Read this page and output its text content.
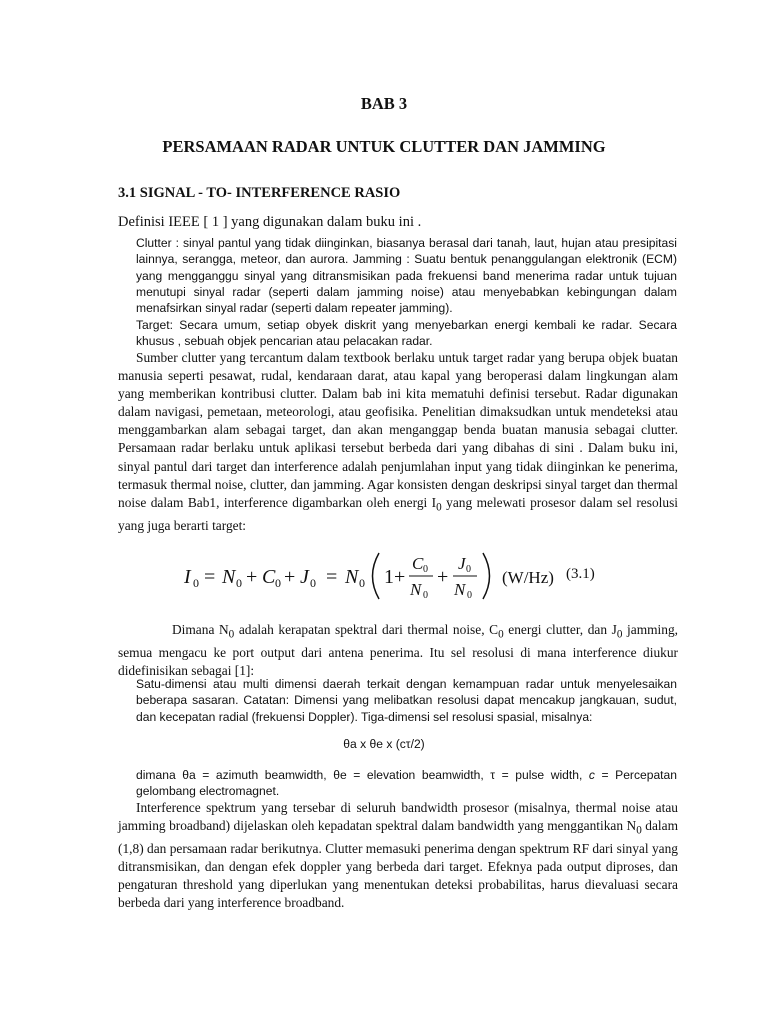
BAB 3
PERSAMAAN RADAR UNTUK CLUTTER DAN JAMMING
3.1 SIGNAL - TO- INTERFERENCE RASIO
Definisi IEEE [ 1 ] yang digunakan dalam buku ini .

Clutter : sinyal pantul yang tidak diinginkan, biasanya berasal dari tanah, laut, hujan atau presipitasi lainnya, serangga, meteor, dan aurora. Jamming : Suatu bentuk penanggulangan elektronik (ECM) yang mengganggu sinyal yang ditransmisikan pada frekuensi band menerima radar untuk tujuan menutupi sinyal radar (seperti dalam jamming noise) atau menyebabkan kebingungan dalam menafsirkan sinyal radar (seperti dalam repeater jamming).

Target: Secara umum, setiap obyek diskrit yang menyebarkan energi kembali ke radar. Secara khusus , sebuah objek pencarian atau pelacakan radar.

Sumber clutter yang tercantum dalam textbook berlaku untuk target radar yang berupa objek buatan manusia seperti pesawat, rudal, kendaraan darat, atau kapal yang beroperasi dalam lingkungan alam yang memberikan kontribusi clutter. Dalam bab ini kita mematuhi definisi tersebut. Radar digunakan dalam navigasi, pemetaan, meteorologi, atau geofisika. Penelitian dimaksudkan untuk mendeteksi atau menggambarkan alam sebagai target, dan akan menganggap benda buatan manusia sebagai clutter. Persamaan radar berlaku untuk aplikasi tersebut berbeda dari yang dibahas di sini . Dalam buku ini, sinyal pantul dari target dan interference adalah penjumlahan input yang tidak diinginkan ke penerima, termasuk thermal noise, clutter, dan jamming. Agar konsisten dengan deskripsi sinyal target dan thermal noise dalam Bab1, interference digambarkan oleh energi $I_0$ yang melewati prosesor dalam sel resolusi yang juga berarti target:

I 0 = N 0 + C 0 + J 0 = N 0 1 +
C 0
N 0
+
J 0
N 0
(W/Hz) (3.1)

Dimana $N_0$ adalah kerapatan spektral dari thermal noise, $C_0$ energi clutter, dan $J_0$ jamming, semua mengacu ke port output dari antena penerima. Itu sel resolusi di mana interference diukur didefinisikan sebagai [1]:

Satu-dimensi atau multi dimensi daerah terkait dengan kemampuan radar untuk menyelesaikan beberapa sasaran. Catatan: Dimensi yang melibatkan resolusi dapat mencakup jangkauan, sudut, dan kecepatan radial (frekuensi Doppler). Tiga-dimensi sel resolusi spasial, misalnya:

θa x θe x (cτ/2)

dimana θa = azimuth beamwidth, θe = elevation beamwidth, τ = pulse width, c = Percepatan gelombang electromagnet.

Interference spektrum yang tersebar di seluruh bandwidth prosesor (misalnya, thermal noise atau jamming broadband) dijelaskan oleh kepadatan spektral dalam bandwidth yang menggantikan $N_0$ dalam (1,8) dan persamaan radar berikutnya. Clutter memasuki penerima dengan spektrum RF dari sinyal yang ditransmisikan, dan dengan efek doppler yang berbeda dari target. Efeknya pada output diproses, dan pengaturan threshold yang diperlukan yang menentukan deteksi probabilitas, harus dievaluasi secara berbeda dari yang interference broadband.
